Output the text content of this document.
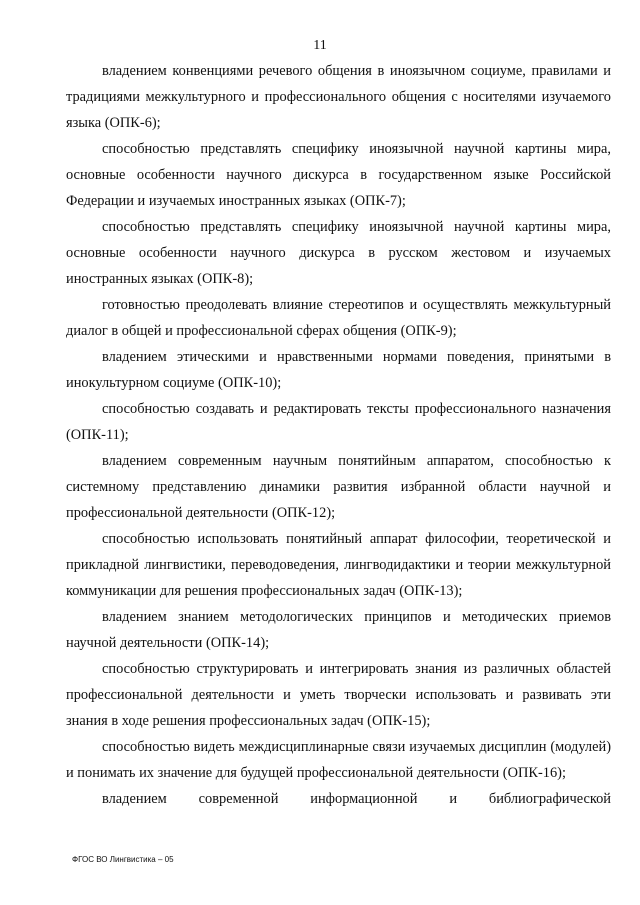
11

владением конвенциями речевого общения в иноязычном социуме, правилами и традициями межкультурного и профессионального общения с носителями изучаемого языка (ОПК-6);

способностью представлять специфику иноязычной научной картины мира, основные особенности научного дискурса в государственном языке Российской Федерации и изучаемых иностранных языках (ОПК-7);

способностью представлять специфику иноязычной научной картины мира, основные особенности научного дискурса в русском жестовом и изучаемых иностранных языках (ОПК-8);

готовностью преодолевать влияние стереотипов и осуществлять межкультурный диалог в общей и профессиональной сферах общения (ОПК-9);

владением этическими и нравственными нормами поведения, принятыми в инокультурном социуме (ОПК-10);

способностью создавать и редактировать тексты профессионального назначения (ОПК-11);

владением современным научным понятийным аппаратом, способностью к системному представлению динамики развития избранной области научной и профессиональной деятельности (ОПК-12);

способностью использовать понятийный аппарат философии, теоретической и прикладной лингвистики, переводоведения, лингводидактики и теории межкультурной коммуникации для решения профессиональных задач (ОПК-13);

владением знанием методологических принципов и методических приемов научной деятельности (ОПК-14);

способностью структурировать и интегрировать знания из различных областей профессиональной деятельности и уметь творчески использовать и развивать эти знания в ходе решения профессиональных задач (ОПК-15);

способностью видеть междисциплинарные связи изучаемых дисциплин (модулей) и понимать их значение для будущей профессиональной деятельности (ОПК-16);

владением современной информационной и библиографической

ФГОС ВО Лингвистика – 05
